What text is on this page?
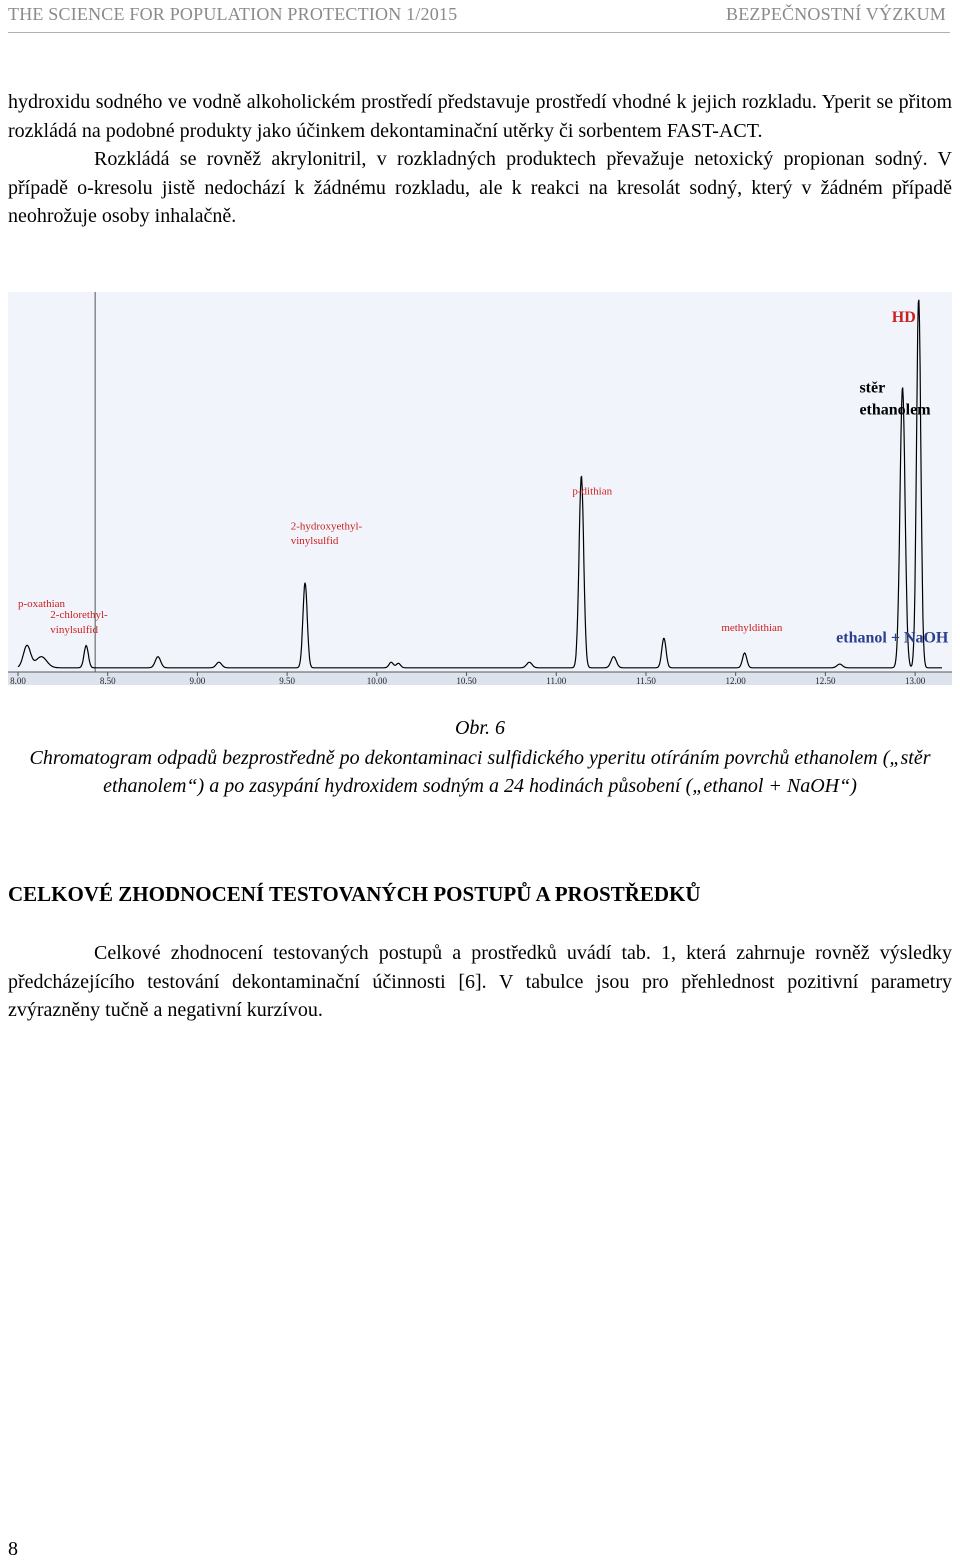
THE SCIENCE FOR POPULATION PROTECTION 1/2015	BEZPEČNOSTNÍ VÝZKUM
hydroxidu sodného ve vodně alkoholickém prostředí představuje prostředí vhodné k jejich rozkladu. Yperit se přitom rozkládá na podobné produkty jako účinkem dekontaminační utěrky či sorbentem FAST-ACT.
Rozkládá se rovněž akrylonitril, v rozkladných produktech převažuje netoxický propionan sodný. V případě o-kresolu jistě nedochází k žádnému rozkladu, ale k reakci na kresolát sodný, který v žádném případě neohrožuje osoby inhalačně.
8.00	8.50	9.00	9.50	10.00	10.50	11.00	11.50	12.00	12.50	13.00
p-oxathian
2-chlorethyl-
vinylsulfid
2-hydroxyethyl-
vinylsulfid
p-dithian
methyldithian
HD
stěr
ethanolem
ethanol + NaOH
Obr. 6
Chromatogram odpadů bezprostředně po dekontaminaci sulfidického yperitu otíráním povrchů ethanolem („stěr ethanolem“) a po zasypání hydroxidem sodným a 24 hodinách působení („ethanol + NaOH“)
CELKOVÉ ZHODNOCENÍ TESTOVANÝCH POSTUPŮ A PROSTŘEDKŮ
Celkové zhodnocení testovaných postupů a prostředků uvádí tab. 1, která zahrnuje rovněž výsledky předcházejícího testování dekontaminační účinnosti [6]. V tabulce jsou pro přehlednost pozitivní parametry zvýrazněny tučně a negativní kurzívou.
8
